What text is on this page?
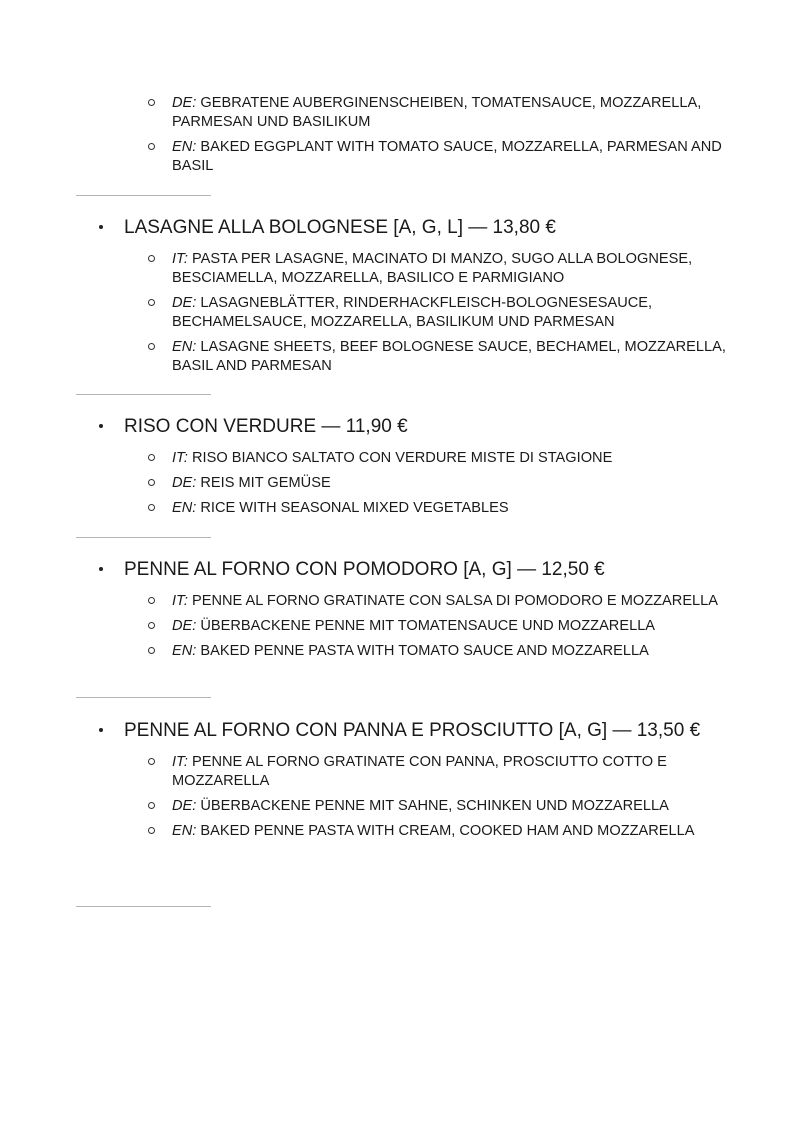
DE: GEBRATENE AUBERGINENSCHEIBEN, TOMATENSAUCE, MOZZARELLA, PARMESAN UND BASILIKUM
EN: BAKED EGGPLANT WITH TOMATO SAUCE, MOZZARELLA, PARMESAN AND BASIL
LASAGNE ALLA BOLOGNESE [A, G, L] — 13,80 €
IT: PASTA PER LASAGNE, MACINATO DI MANZO, SUGO ALLA BOLOGNESE, BESCIAMELLA, MOZZARELLA, BASILICO E PARMIGIANO
DE: LASAGNEBLÄTTER, RINDERHACKFLEISCH-BOLOGNESESAUCE, BECHAMELSAUCE, MOZZARELLA, BASILIKUM UND PARMESAN
EN: LASAGNE SHEETS, BEEF BOLOGNESE SAUCE, BECHAMEL, MOZZARELLA, BASIL AND PARMESAN
RISO CON VERDURE — 11,90 €
IT: RISO BIANCO SALTATO CON VERDURE MISTE DI STAGIONE
DE: REIS MIT GEMÜSE
EN: RICE WITH SEASONAL MIXED VEGETABLES
PENNE AL FORNO CON POMODORO [A, G] — 12,50 €
IT: PENNE AL FORNO GRATINATE CON SALSA DI POMODORO E MOZZARELLA
DE: ÜBERBACKENE PENNE MIT TOMATENSAUCE UND MOZZARELLA
EN: BAKED PENNE PASTA WITH TOMATO SAUCE AND MOZZARELLA
PENNE AL FORNO CON PANNA E PROSCIUTTO [A, G] — 13,50 €
IT: PENNE AL FORNO GRATINATE CON PANNA, PROSCIUTTO COTTO E MOZZARELLA
DE: ÜBERBACKENE PENNE MIT SAHNE, SCHINKEN UND MOZZARELLA
EN: BAKED PENNE PASTA WITH CREAM, COOKED HAM AND MOZZARELLA
